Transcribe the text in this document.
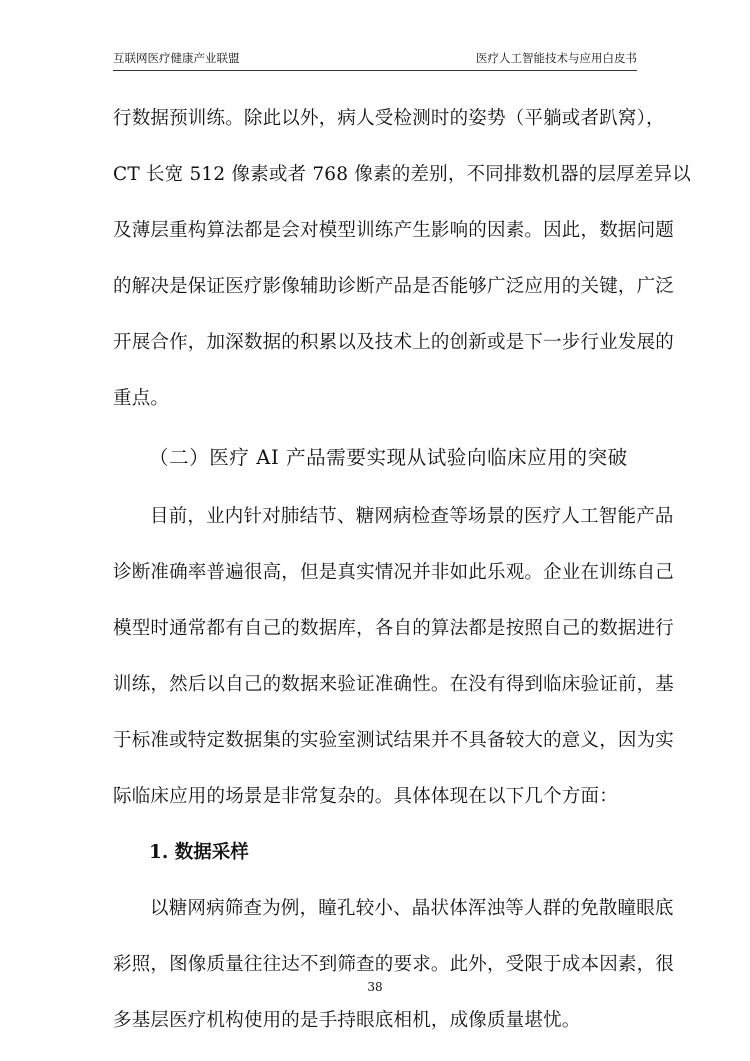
互联网医疗健康产业联盟	医疗人工智能技术与应用白皮书
行数据预训练。除此以外，病人受检测时的姿势（平躺或者趴窝），
CT 长宽 512 像素或者 768 像素的差别，不同排数机器的层厚差异以
及薄层重构算法都是会对模型训练产生影响的因素。因此，数据问题
的解决是保证医疗影像辅助诊断产品是否能够广泛应用的关键，广泛
开展合作，加深数据的积累以及技术上的创新或是下一步行业发展的
重点。
（二）医疗 AI 产品需要实现从试验向临床应用的突破
目前，业内针对肺结节、糖网病检查等场景的医疗人工智能产品
诊断准确率普遍很高，但是真实情况并非如此乐观。企业在训练自己
模型时通常都有自己的数据库，各自的算法都是按照自己的数据进行
训练，然后以自己的数据来验证准确性。在没有得到临床验证前，基
于标准或特定数据集的实验室测试结果并不具备较大的意义，因为实
际临床应用的场景是非常复杂的。具体体现在以下几个方面：
1. 数据采样
以糖网病筛查为例，瞳孔较小、晶状体浑浊等人群的免散瞳眼底
彩照，图像质量往往达不到筛查的要求。此外，受限于成本因素，很
多基层医疗机构使用的是手持眼底相机，成像质量堪忧。
38
